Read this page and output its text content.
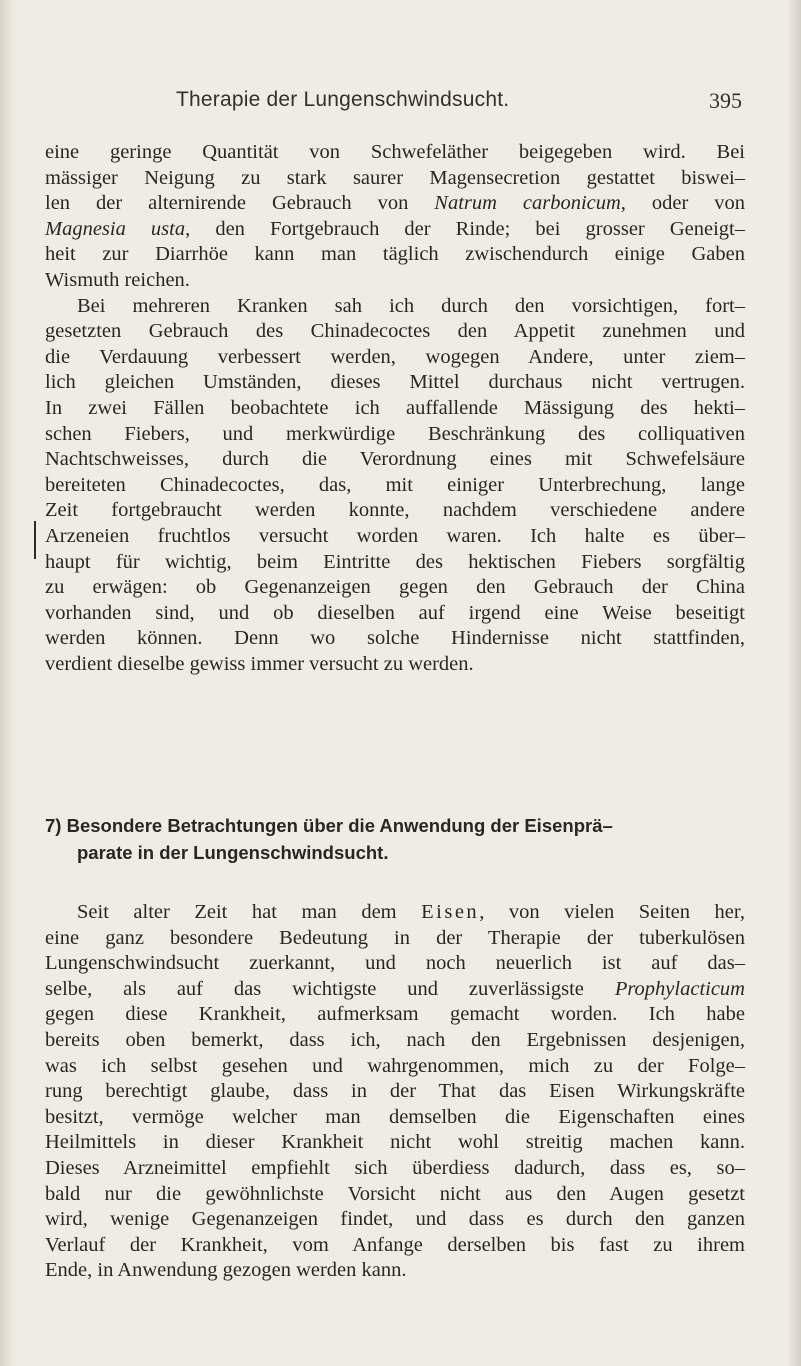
Therapie der Lungenschwindsucht.	395

eine geringe Quantität von Schwefeläther beigegeben wird. Bei
mässiger Neigung zu stark saurer Magensecretion gestattet biswei–
len der alternirende Gebrauch von Natrum carbonicum, oder von
Magnesia usta, den Fortgebrauch der Rinde; bei grosser Geneigt–
heit zur Diarrhöe kann man täglich zwischendurch einige Gaben
Wismuth reichen.

Bei mehreren Kranken sah ich durch den vorsichtigen, fort–
gesetzten Gebrauch des Chinadecoctes den Appetit zunehmen und
die Verdauung verbessert werden, wogegen Andere, unter ziem–
lich gleichen Umständen, dieses Mittel durchaus nicht vertrugen.
In zwei Fällen beobachtete ich auffallende Mässigung des hekti–
schen Fiebers, und merkwürdige Beschränkung des colliquativen
Nachtschweisses, durch die Verordnung eines mit Schwefelsäure
bereiteten Chinadecoctes, das, mit einiger Unterbrechung, lange
Zeit fortgebraucht werden konnte, nachdem verschiedene andere
Arzeneien fruchtlos versucht worden waren. Ich halte es über–
haupt für wichtig, beim Eintritte des hektischen Fiebers sorgfältig
zu erwägen: ob Gegenanzeigen gegen den Gebrauch der China
vorhanden sind, und ob dieselben auf irgend eine Weise beseitigt
werden können. Denn wo solche Hindernisse nicht stattfinden,
verdient dieselbe gewiss immer versucht zu werden.

7) Besondere Betrachtungen über die Anwendung der Eisenprä–
parate in der Lungenschwindsucht.

Seit alter Zeit hat man dem Eisen, von vielen Seiten her,
eine ganz besondere Bedeutung in der Therapie der tuberkulösen
Lungenschwindsucht zuerkannt, und noch neuerlich ist auf das–
selbe, als auf das wichtigste und zuverlässigste Prophylacticum
gegen diese Krankheit, aufmerksam gemacht worden. Ich habe
bereits oben bemerkt, dass ich, nach den Ergebnissen desjenigen,
was ich selbst gesehen und wahrgenommen, mich zu der Folge–
rung berechtigt glaube, dass in der That das Eisen Wirkungskräfte
besitzt, vermöge welcher man demselben die Eigenschaften eines
Heilmittels in dieser Krankheit nicht wohl streitig machen kann.
Dieses Arzneimittel empfiehlt sich überdiess dadurch, dass es, so–
bald nur die gewöhnlichste Vorsicht nicht aus den Augen gesetzt
wird, wenige Gegenanzeigen findet, und dass es durch den ganzen
Verlauf der Krankheit, vom Anfange derselben bis fast zu ihrem
Ende, in Anwendung gezogen werden kann.
